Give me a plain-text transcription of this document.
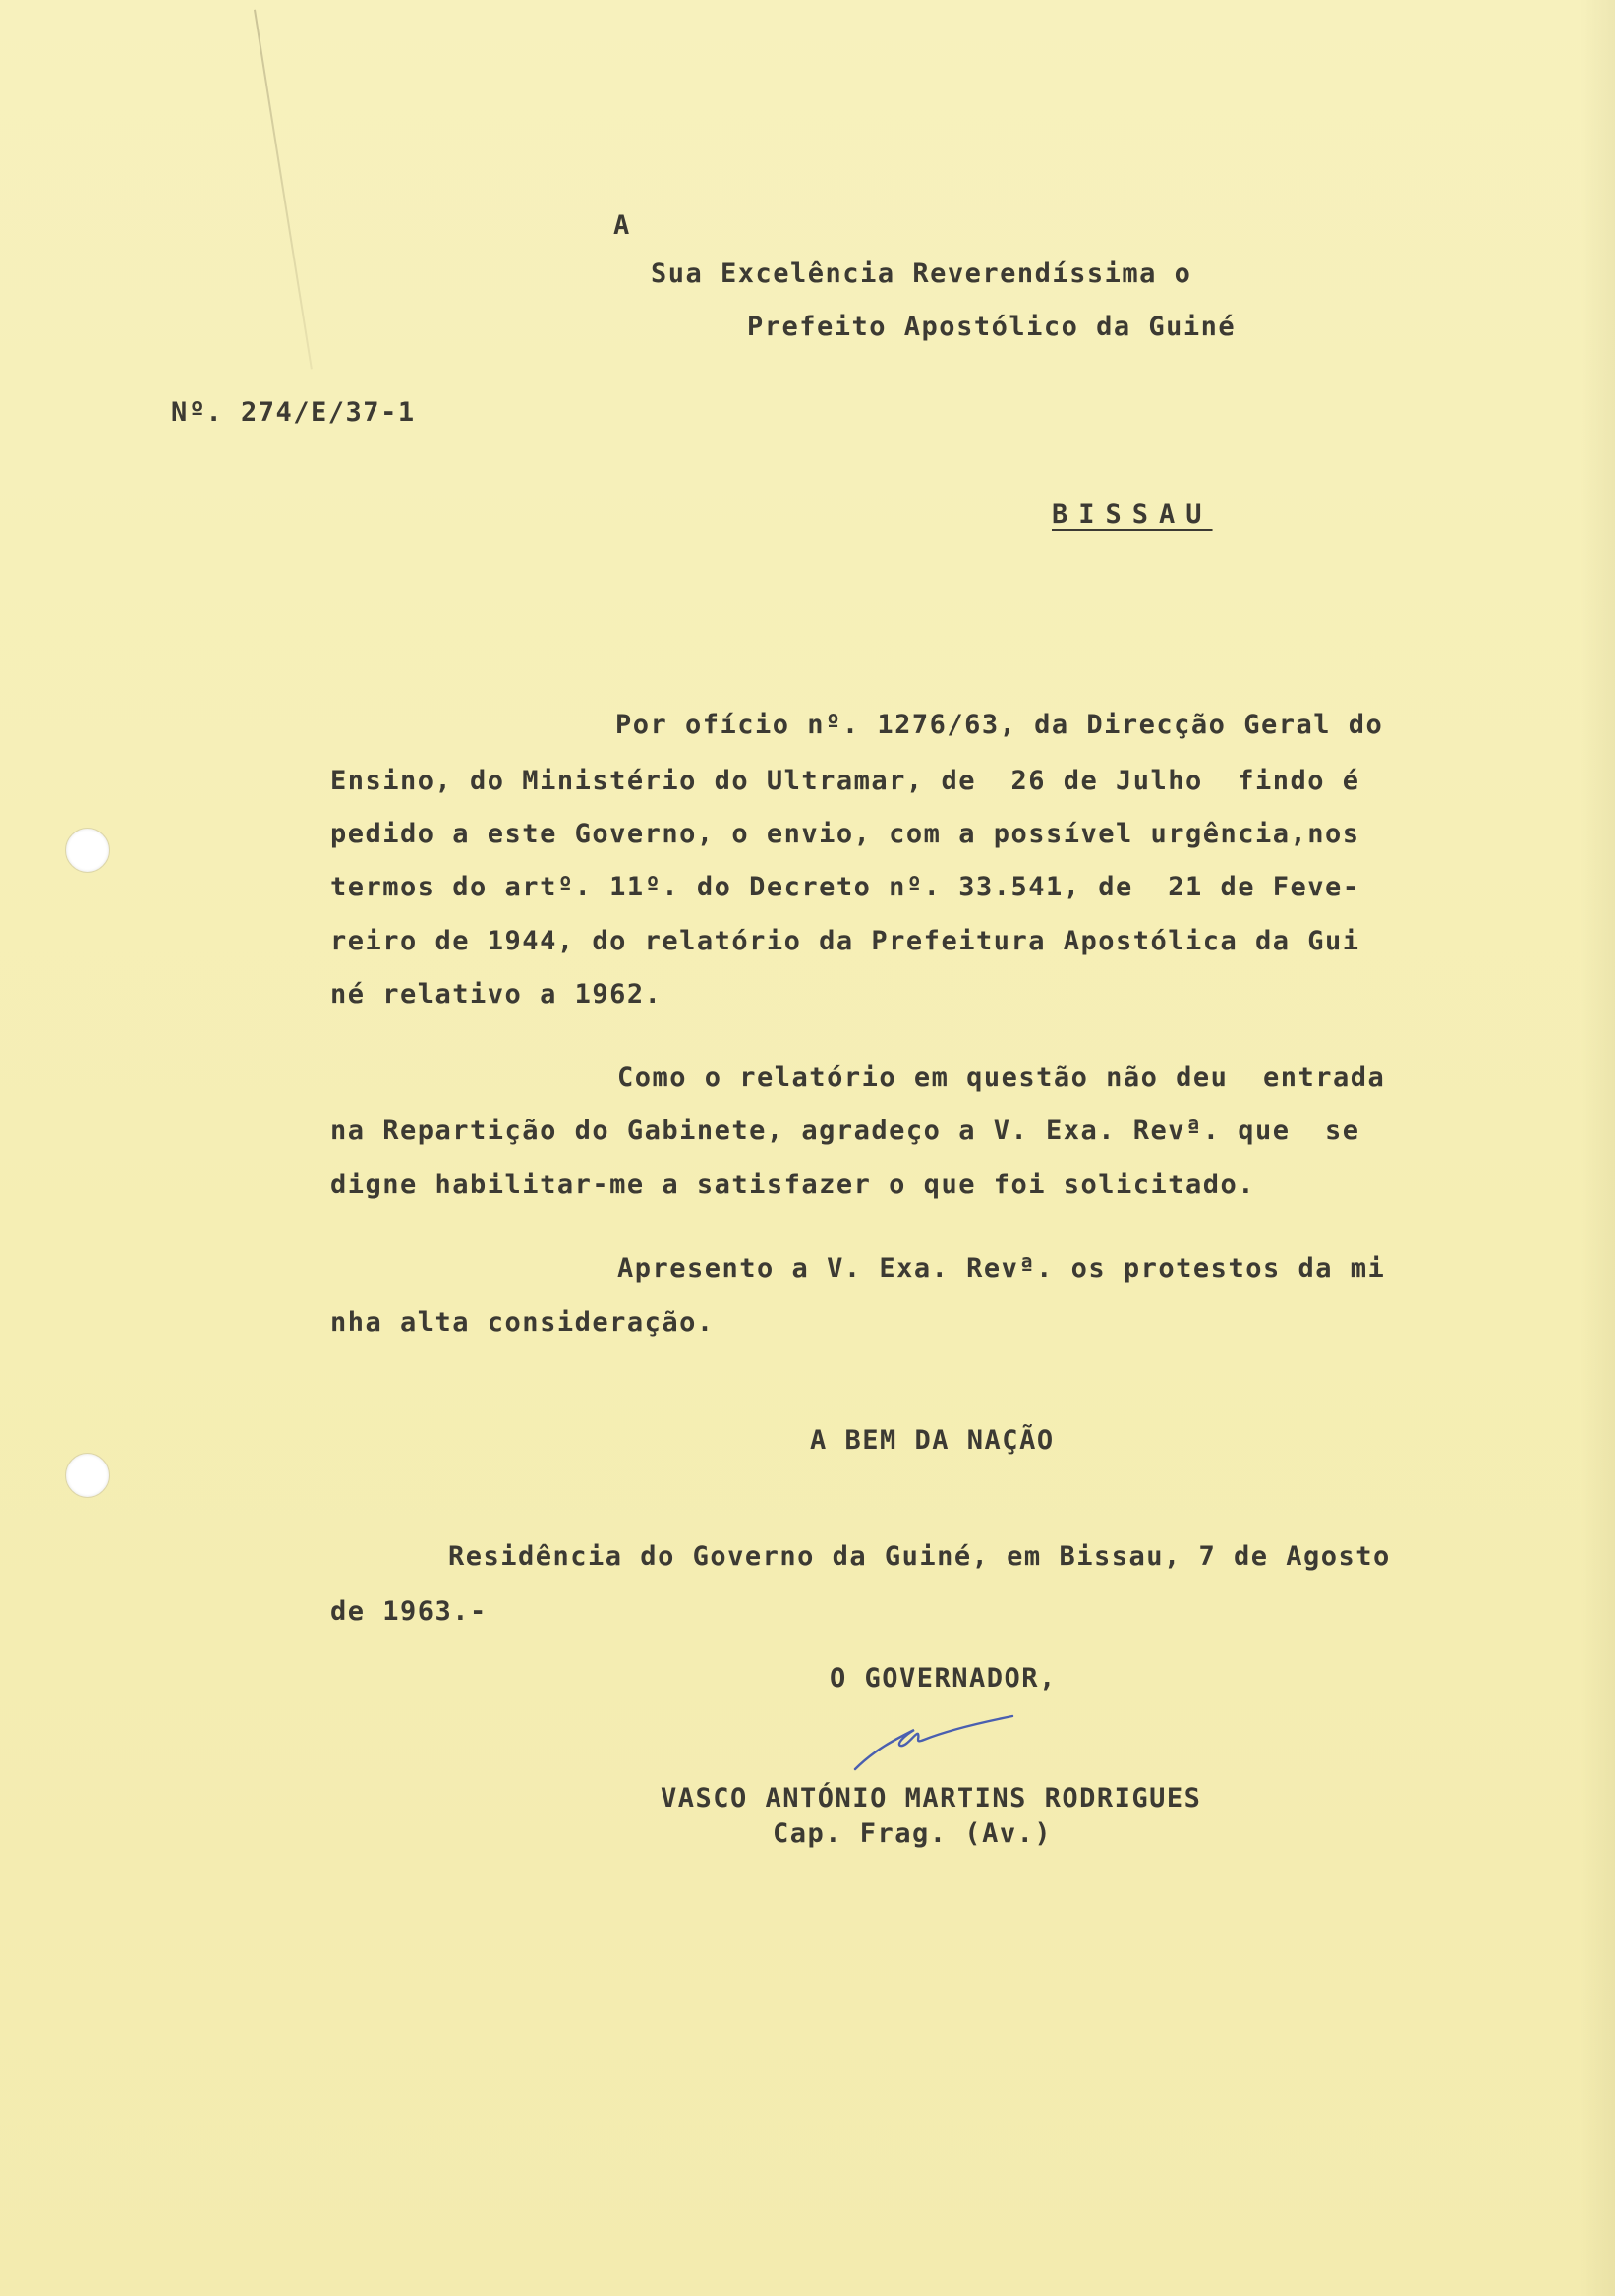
A
Sua Excelência Reverendíssima o
Prefeito Apostólico da Guiné
Nº. 274/E/37-1
BISSAU
Por ofício nº. 1276/63, da Direcção Geral do
Ensino, do Ministério do Ultramar, de  26 de Julho  findo é
pedido a este Governo, o envio, com a possível urgência,nos
termos do artº. 11º. do Decreto nº. 33.541, de  21 de Feve-
reiro de 1944, do relatório da Prefeitura Apostólica da Gui
né relativo a 1962.
Como o relatório em questão não deu  entrada
na Repartição do Gabinete, agradeço a V. Exa. Revª. que  se
digne habilitar-me a satisfazer o que foi solicitado.
Apresento a V. Exa. Revª. os protestos da mi
nha alta consideração.
A BEM DA NAÇÃO
Residência do Governo da Guiné, em Bissau, 7 de Agosto
de 1963.-
O GOVERNADOR,
VASCO ANTÓNIO MARTINS RODRIGUES
Cap. Frag. (Av.)
